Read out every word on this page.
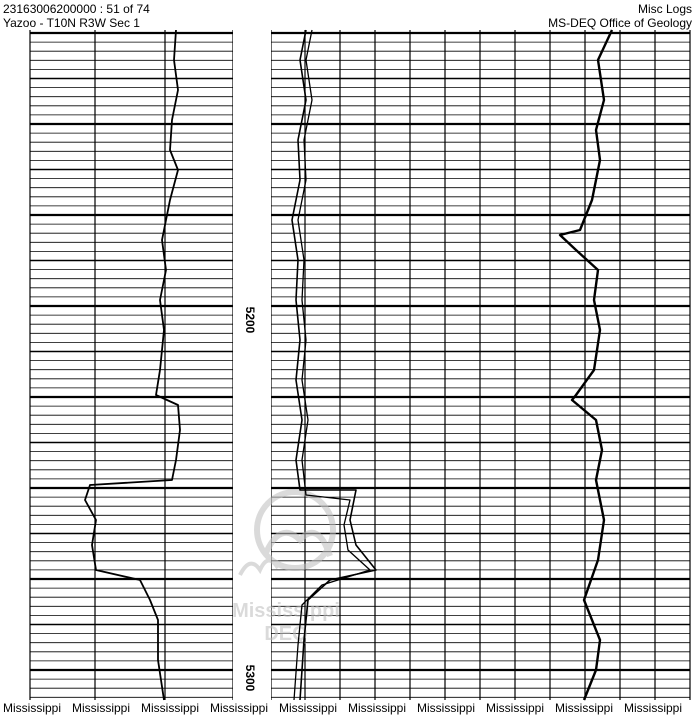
23163006200000 : 51 of 74
Yazoo - T10N R3W Sec 1
Misc Logs
MS-DEQ Office of Geology
Mississippi
DEQ
5200
5300
Mississippi Mississippi Mississippi Mississippi Mississippi Mississippi Mississippi Mississippi Mississippi Mississippi
